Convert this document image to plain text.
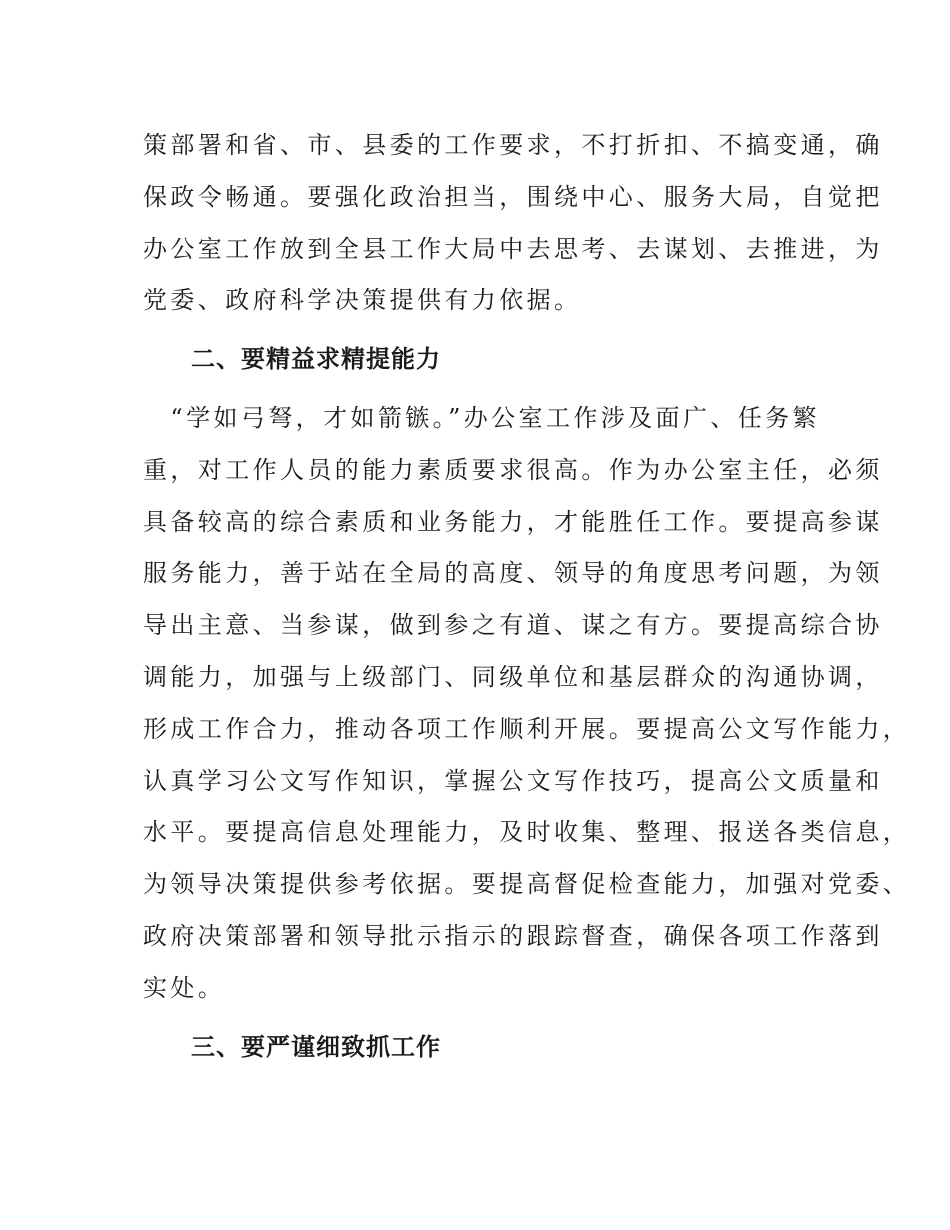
策部署和省、市、县委的工作要求，不打折扣、不搞变通，确
保政令畅通。要强化政治担当，围绕中心、服务大局，自觉把
办公室工作放到全县工作大局中去思考、去谋划、去推进，为
党委、政府科学决策提供有力依据。
二、要精益求精提能力
　“学如弓弩，才如箭镞。”办公室工作涉及面广、任务繁
重，对工作人员的能力素质要求很高。作为办公室主任，必须
具备较高的综合素质和业务能力，才能胜任工作。要提高参谋
服务能力，善于站在全局的高度、领导的角度思考问题，为领
导出主意、当参谋，做到参之有道、谋之有方。要提高综合协
调能力，加强与上级部门、同级单位和基层群众的沟通协调，
形成工作合力，推动各项工作顺利开展。要提高公文写作能力，
认真学习公文写作知识，掌握公文写作技巧，提高公文质量和
水平。要提高信息处理能力，及时收集、整理、报送各类信息，
为领导决策提供参考依据。要提高督促检查能力，加强对党委、
政府决策部署和领导批示指示的跟踪督查，确保各项工作落到
实处。
三、要严谨细致抓工作
